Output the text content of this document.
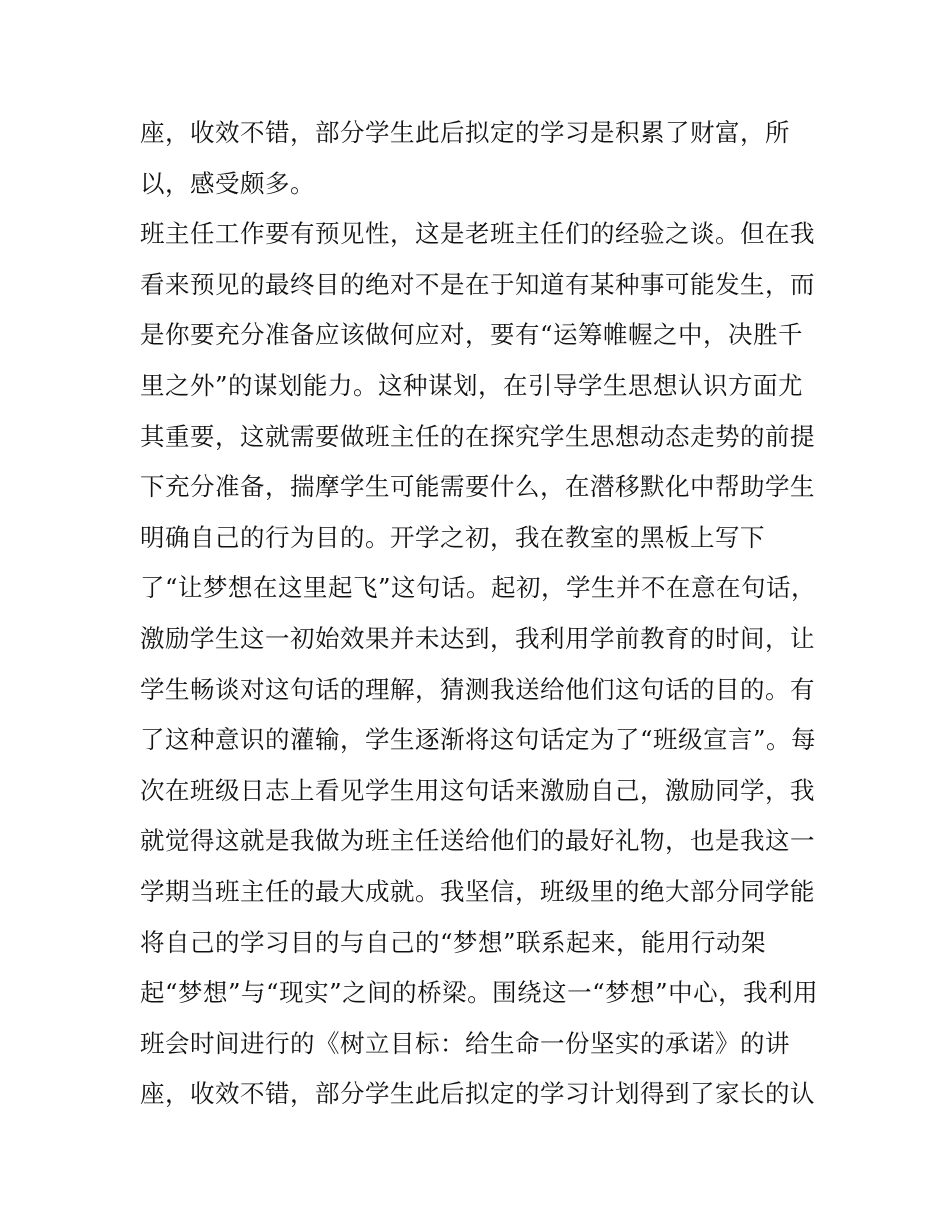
座，收效不错，部分学生此后拟定的学习是积累了财富，所
以，感受颇多。
班主任工作要有预见性，这是老班主任们的经验之谈。但在我
看来预见的最终目的绝对不是在于知道有某种事可能发生，而
是你要充分准备应该做何应对，要有“运筹帷幄之中，决胜千
里之外”的谋划能力。这种谋划，在引导学生思想认识方面尤
其重要，这就需要做班主任的在探究学生思想动态走势的前提
下充分准备，揣摩学生可能需要什么，在潜移默化中帮助学生
明确自己的行为目的。开学之初，我在教室的黑板上写下
了“让梦想在这里起飞”这句话。起初，学生并不在意在句话，
激励学生这一初始效果并未达到，我利用学前教育的时间，让
学生畅谈对这句话的理解，猜测我送给他们这句话的目的。有
了这种意识的灌输，学生逐渐将这句话定为了“班级宣言”。每
次在班级日志上看见学生用这句话来激励自己，激励同学，我
就觉得这就是我做为班主任送给他们的最好礼物，也是我这一
学期当班主任的最大成就。我坚信，班级里的绝大部分同学能
将自己的学习目的与自己的“梦想”联系起来，能用行动架
起“梦想”与“现实”之间的桥梁。围绕这一“梦想”中心，我利用
班会时间进行的《树立目标：给生命一份坚实的承诺》的讲
座，收效不错，部分学生此后拟定的学习计划得到了家长的认
